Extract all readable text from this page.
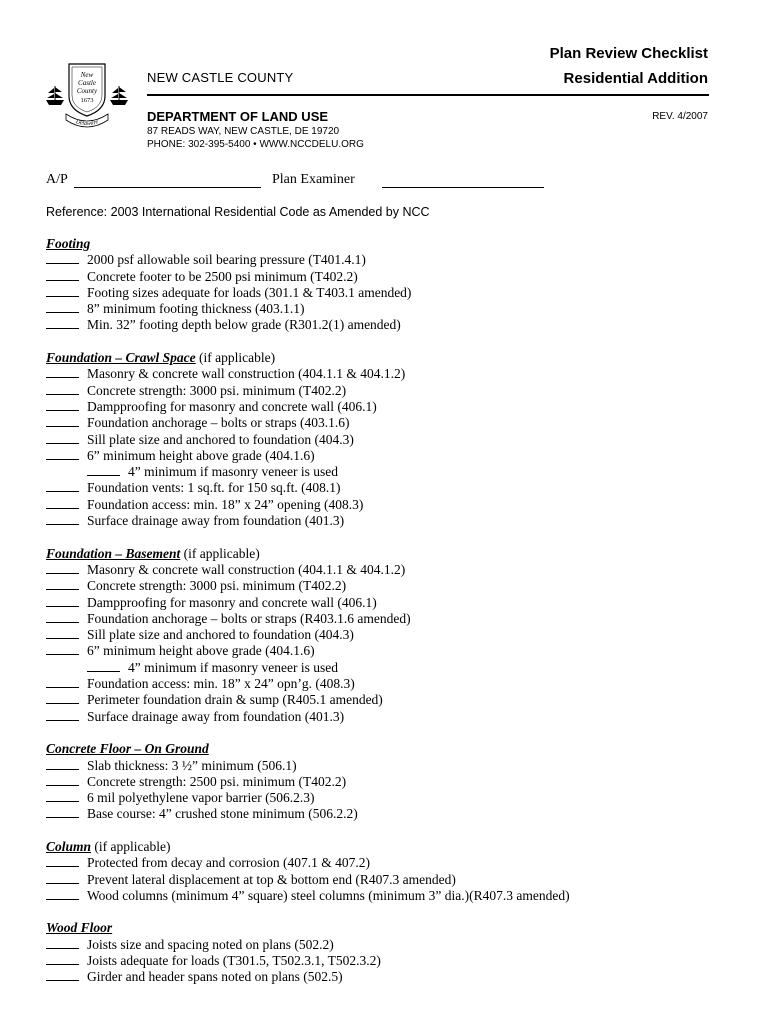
New
Castle
County
1673
Delaware
NEW CASTLE COUNTY
Plan Review Checklist
Residential Addition
DEPARTMENT OF LAND USE	REV. 4/2007
87 READS WAY, NEW CASTLE, DE 19720
PHONE: 302-395-5400 • WWW.NCCDELU.ORG
A/P	Plan Examiner
Reference: 2003 International Residential Code as Amended by NCC
Footing
2000 psf allowable soil bearing pressure (T401.4.1)
Concrete footer to be 2500 psi minimum (T402.2)
Footing sizes adequate for loads (301.1 & T403.1 amended)
8” minimum footing thickness (403.1.1)
Min. 32” footing depth below grade (R301.2(1) amended)
Foundation – Crawl Space (if applicable)
Masonry & concrete wall construction (404.1.1 & 404.1.2)
Concrete strength: 3000 psi. minimum (T402.2)
Dampproofing for masonry and concrete wall (406.1)
Foundation anchorage – bolts or straps (403.1.6)
Sill plate size and anchored to foundation (404.3)
6” minimum height above grade (404.1.6)
4” minimum if masonry veneer is used
Foundation vents: 1 sq.ft. for 150 sq.ft. (408.1)
Foundation access: min. 18” x 24” opening (408.3)
Surface drainage away from foundation (401.3)
Foundation – Basement (if applicable)
Masonry & concrete wall construction (404.1.1 & 404.1.2)
Concrete strength: 3000 psi. minimum (T402.2)
Dampproofing for masonry and concrete wall (406.1)
Foundation anchorage – bolts or straps (R403.1.6 amended)
Sill plate size and anchored to foundation (404.3)
6” minimum height above grade (404.1.6)
4” minimum if masonry veneer is used
Foundation access: min. 18” x 24” opn’g. (408.3)
Perimeter foundation drain & sump (R405.1 amended)
Surface drainage away from foundation (401.3)
Concrete Floor – On Ground
Slab thickness: 3 ½” minimum (506.1)
Concrete strength: 2500 psi. minimum (T402.2)
6 mil polyethylene vapor barrier (506.2.3)
Base course: 4” crushed stone minimum (506.2.2)
Column (if applicable)
Protected from decay and corrosion (407.1 & 407.2)
Prevent lateral displacement at top & bottom end (R407.3 amended)
Wood columns (minimum 4” square) steel columns (minimum 3” dia.)(R407.3 amended)
Wood Floor
Joists size and spacing noted on plans (502.2)
Joists adequate for loads (T301.5, T502.3.1, T502.3.2)
Girder and header spans noted on plans (502.5)
